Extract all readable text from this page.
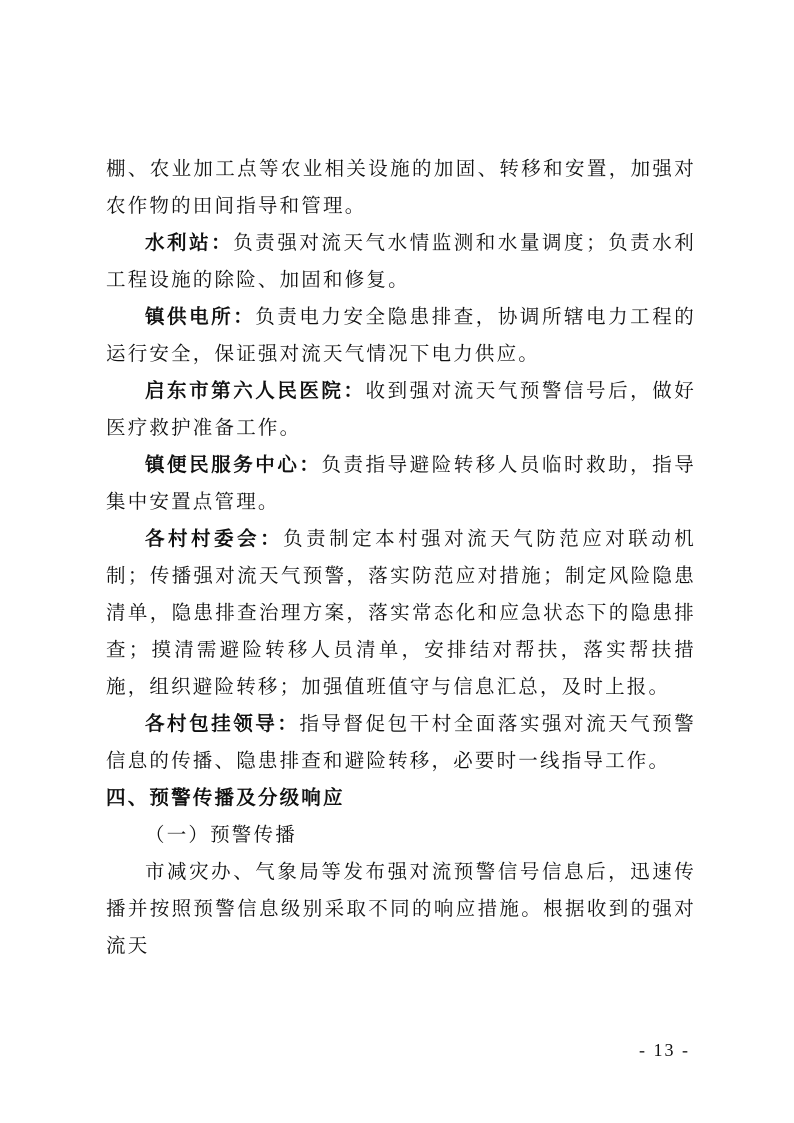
棚、农业加工点等农业相关设施的加固、转移和安置，加强对农作物的田间指导和管理。

水利站：负责强对流天气水情监测和水量调度；负责水利工程设施的除险、加固和修复。

镇供电所：负责电力安全隐患排查，协调所辖电力工程的运行安全，保证强对流天气情况下电力供应。

启东市第六人民医院：收到强对流天气预警信号后，做好医疗救护准备工作。

镇便民服务中心：负责指导避险转移人员临时救助，指导集中安置点管理。

各村村委会：负责制定本村强对流天气防范应对联动机制；传播强对流天气预警，落实防范应对措施；制定风险隐患清单，隐患排查治理方案，落实常态化和应急状态下的隐患排查；摸清需避险转移人员清单，安排结对帮扶，落实帮扶措施，组织避险转移；加强值班值守与信息汇总，及时上报。

各村包挂领导：指导督促包干村全面落实强对流天气预警信息的传播、隐患排查和避险转移，必要时一线指导工作。

四、预警传播及分级响应

（一）预警传播

市减灾办、气象局等发布强对流预警信号信息后，迅速传播并按照预警信息级别采取不同的响应措施。根据收到的强对流天

- 13 -
